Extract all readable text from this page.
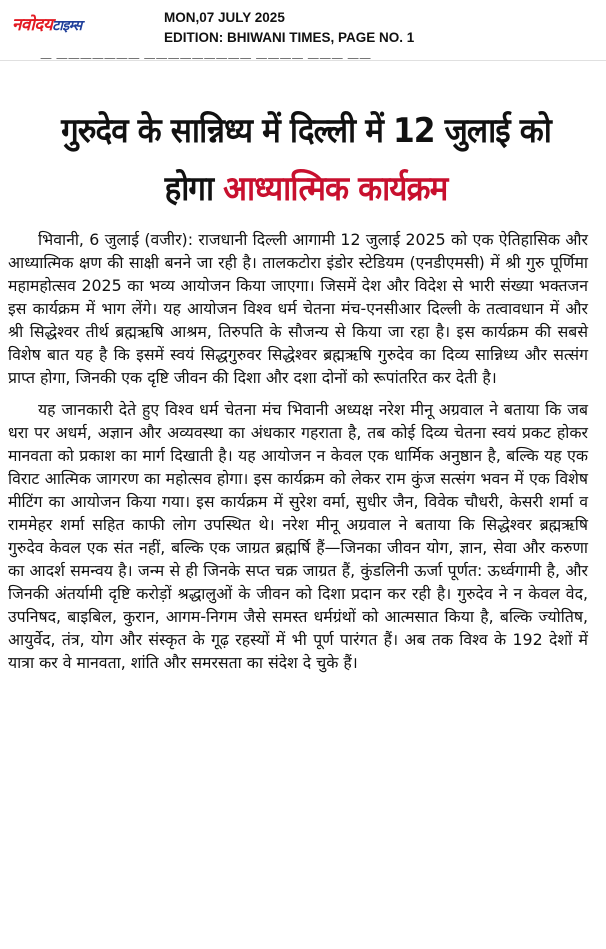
नवोदयटाइम्स
MON,07 JULY 2025
EDITION: BHIWANI TIMES, PAGE NO. 1
— ——————— ————————— ———— ——— ——
गुरुदेव के सान्निध्य में दिल्ली में 12 जुलाई को होगा आध्यात्मिक कार्यक्रम

भिवानी, 6 जुलाई (वजीर): राजधानी दिल्ली आगामी 12 जुलाई 2025 को एक ऐतिहासिक और आध्यात्मिक क्षण की साक्षी बनने जा रही है। तालकटोरा इंडोर स्टेडियम (एनडीएमसी) में श्री गुरु पूर्णिमा महामहोत्सव 2025 का भव्य आयोजन किया जाएगा। जिसमें देश और विदेश से भारी संख्या भक्तजन इस कार्यक्रम में भाग लेंगे। यह आयोजन विश्व धर्म चेतना मंच-एनसीआर दिल्ली के तत्वावधान में और श्री सिद्धेश्वर तीर्थ ब्रह्मऋषि आश्रम, तिरुपति के सौजन्य से किया जा रहा है। इस कार्यक्रम की सबसे विशेष बात यह है कि इसमें स्वयं सिद्धगुरुवर सिद्धेश्वर ब्रह्मऋषि गुरुदेव का दिव्य सान्निध्य और सत्संग प्राप्त होगा, जिनकी एक दृष्टि जीवन की दिशा और दशा दोनों को रूपांतरित कर देती है।

यह जानकारी देते हुए विश्व धर्म चेतना मंच भिवानी अध्यक्ष नरेश मीनू अग्रवाल ने बताया कि जब धरा पर अधर्म, अज्ञान और अव्यवस्था का अंधकार गहराता है, तब कोई दिव्य चेतना स्वयं प्रकट होकर मानवता को प्रकाश का मार्ग दिखाती है। यह आयोजन न केवल एक धार्मिक अनुष्ठान है, बल्कि यह एक विराट आत्मिक जागरण का महोत्सव होगा। इस कार्यक्रम को लेकर राम कुंज सत्संग भवन में एक विशेष मीटिंग का आयोजन किया गया। इस कार्यक्रम में सुरेश वर्मा, सुधीर जैन, विवेक चौधरी, केसरी शर्मा व राममेहर शर्मा सहित काफी लोग उपस्थित थे। नरेश मीनू अग्रवाल ने बताया कि सिद्धेश्वर ब्रह्मऋषि गुरुदेव केवल एक संत नहीं, बल्कि एक जाग्रत ब्रह्मर्षि हैं—जिनका जीवन योग, ज्ञान, सेवा और करुणा का आदर्श समन्वय है। जन्म से ही जिनके सप्त चक्र जाग्रत हैं, कुंडलिनी ऊर्जा पूर्णत: ऊर्ध्वगामी है, और जिनकी अंतर्यामी दृष्टि करोड़ों श्रद्धालुओं के जीवन को दिशा प्रदान कर रही है। गुरुदेव ने न केवल वेद, उपनिषद, बाइबिल, कुरान, आगम-निगम जैसे समस्त धर्मग्रंथों को आत्मसात किया है, बल्कि ज्योतिष, आयुर्वेद, तंत्र, योग और संस्कृत के गूढ़ रहस्यों में भी पूर्ण पारंगत हैं। अब तक विश्व के 192 देशों में यात्रा कर वे मानवता, शांति और समरसता का संदेश दे चुके हैं।
